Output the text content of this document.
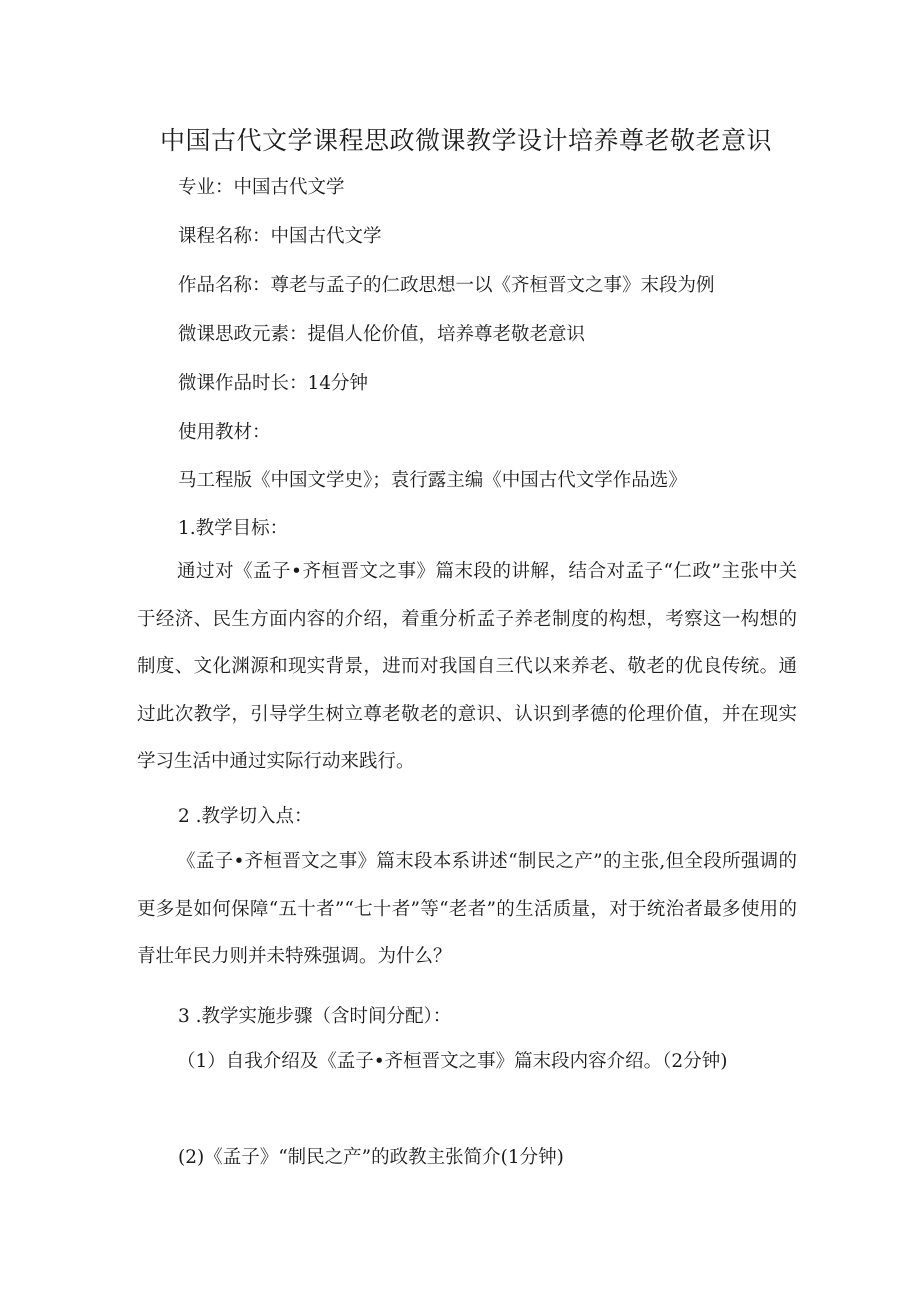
中国古代文学课程思政微课教学设计培养尊老敬老意识
专业：中国古代文学
课程名称：中国古代文学
作品名称：尊老与孟子的仁政思想一以《齐桓晋文之事》末段为例
微课思政元素：提倡人伦价值，培养尊老敬老意识
微课作品时长：14分钟
使用教材：
马工程版《中国文学史》；袁行露主编《中国古代文学作品选》
1.教学目标：
通过对《孟子•齐桓晋文之事》篇末段的讲解，结合对孟子“仁政”主张中关于经济、民生方面内容的介绍，着重分析孟子养老制度的构想，考察这一构想的制度、文化渊源和现实背景，进而对我国自三代以来养老、敬老的优良传统。通过此次教学，引导学生树立尊老敬老的意识、认识到孝德的伦理价值，并在现实学习生活中通过实际行动来践行。
2 .教学切入点：
《孟子•齐桓晋文之事》篇末段本系讲述“制民之产”的主张,但全段所强调的更多是如何保障“五十者”“七十者”等“老者”的生活质量，对于统治者最多使用的青壮年民力则并未特殊强调。为什么？
3 .教学实施步骤（含时间分配）：
（1）自我介绍及《孟子•齐桓晋文之事》篇末段内容介绍。（2分钟)
(2)《孟子》“制民之产”的政教主张简介(1分钟)
